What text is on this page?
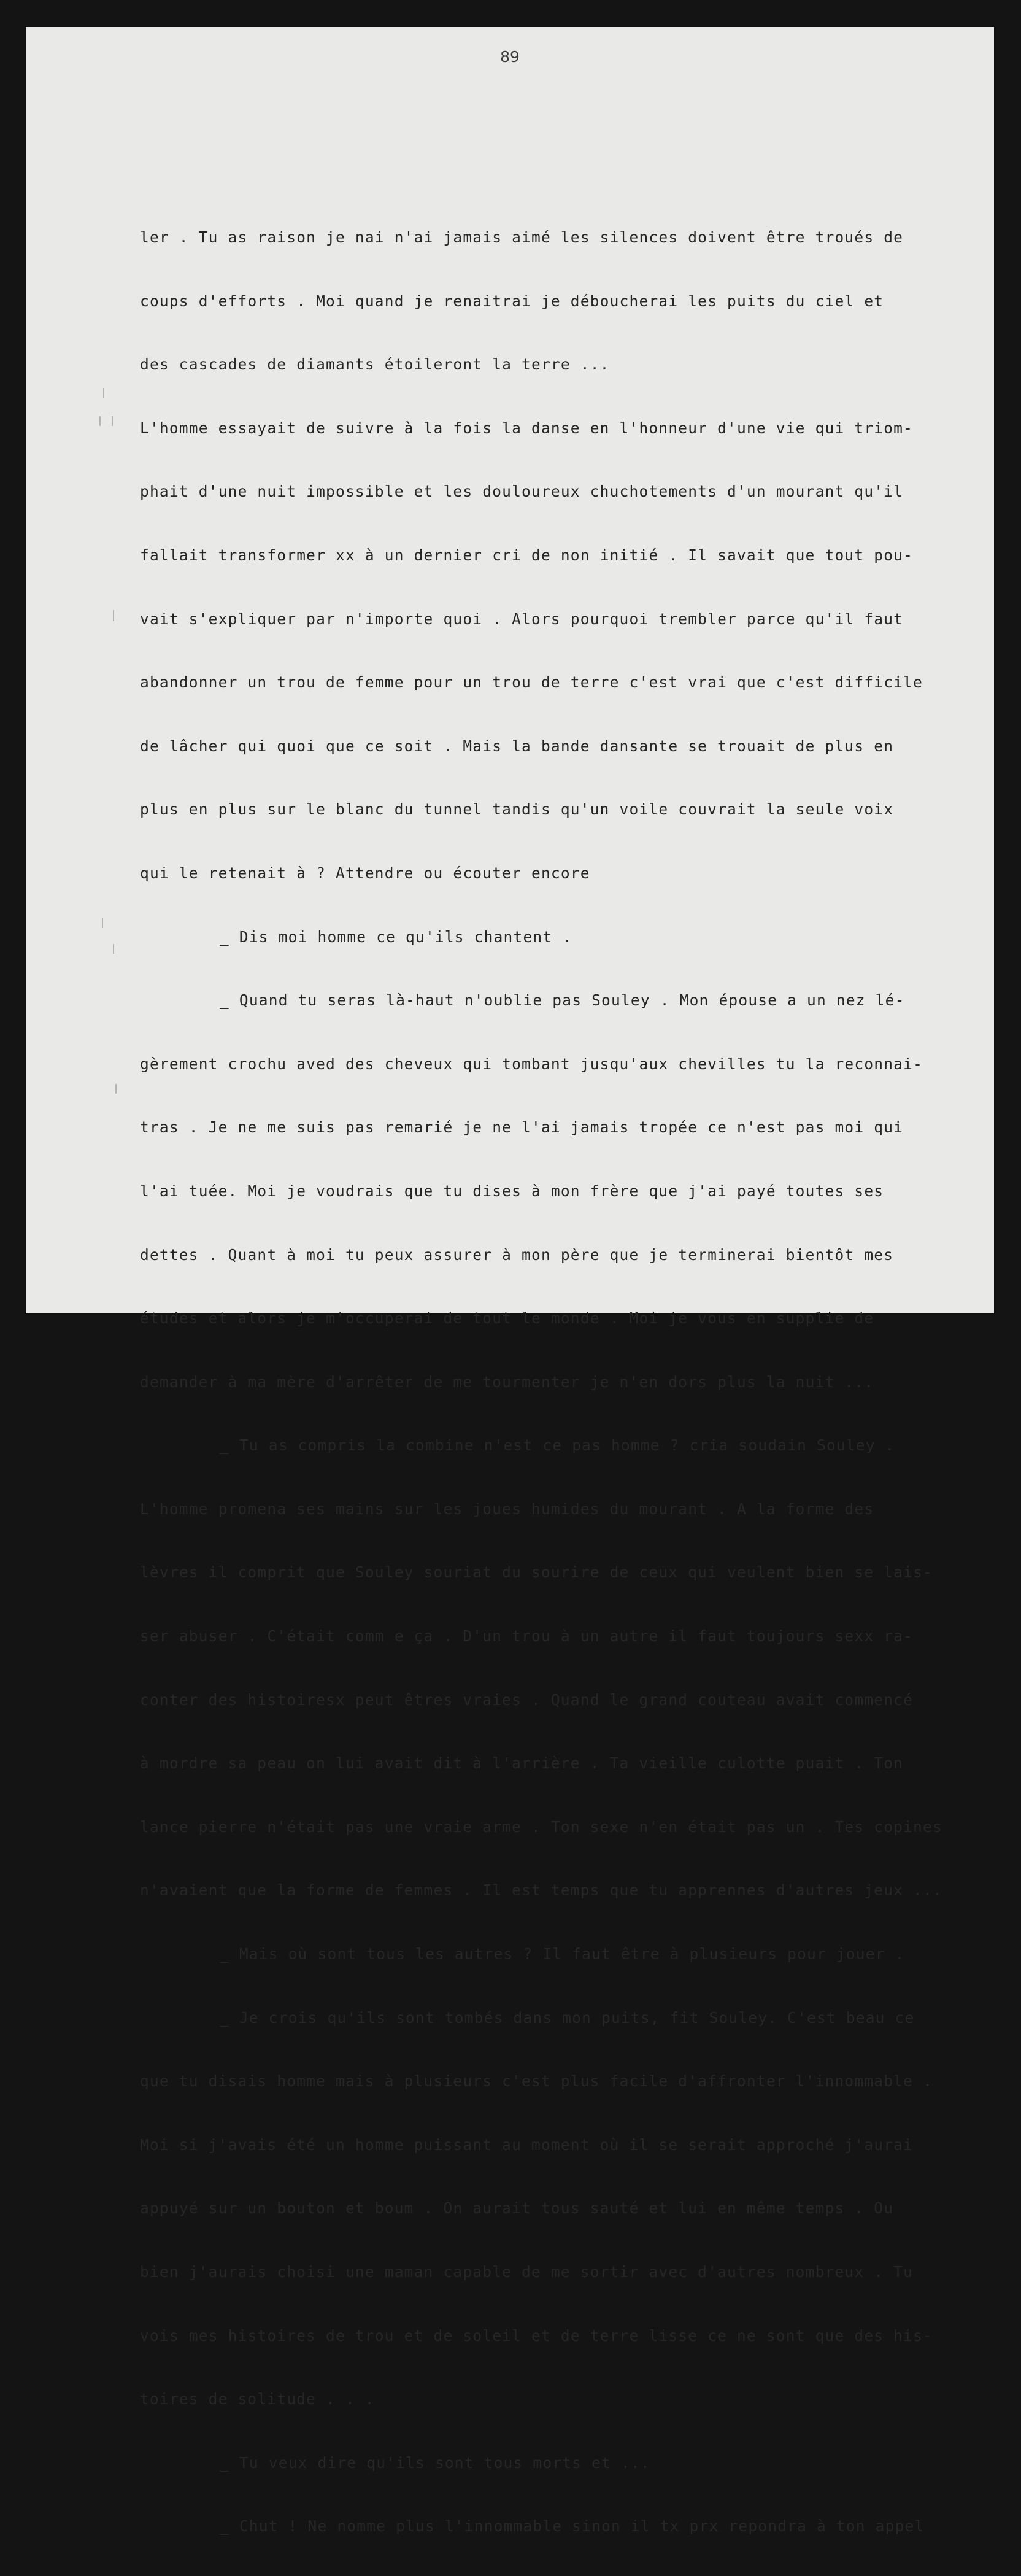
89

ler . Tu as raison je nai n'ai jamais aimé les silences doivent être troués de

coups d'efforts . Moi quand je renaitrai je déboucherai les puits du ciel et

des cascades de diamants étoileront la terre ...

L'homme essayait de suivre à la fois la danse en l'honneur d'une vie qui triom-

phait d'une nuit impossible et les douloureux chuchotements d'un mourant qu'il

fallait transformer xx à un dernier cri de non initié . Il savait que tout pou-

vait s'expliquer par n'importe quoi . Alors pourquoi trembler parce qu'il faut

abandonner un trou de femme pour un trou de terre c'est vrai que c'est difficile

de lâcher qui quoi que ce soit . Mais la bande dansante se trouait de plus en

plus en plus sur le blanc du tunnel tandis qu'un voile couvrait la seule voix

qui le retenait à ? Attendre ou écouter encore

_ Dis moi homme ce qu'ils chantent .

_ Quand tu seras là-haut n'oublie pas Souley . Mon épouse a un nez lé-

gèrement crochu aved des cheveux qui tombant jusqu'aux chevilles tu la reconnai-

tras . Je ne me suis pas remarié je ne l'ai jamais tropée ce n'est pas moi qui

l'ai tuée. Moi je voudrais que tu dises à mon frère que j'ai payé toutes ses

dettes . Quant à moi tu peux assurer à mon père que je terminerai bientôt mes

études et alors je m'occuperai de tout le monde . Moi je vous en supplie de

demander à ma mère d'arrêter de me tourmenter je n'en dors plus la nuit ...

_ Tu as compris la combine n'est ce pas homme ? cria soudain Souley .

L'homme promena ses mains sur les joues humides du mourant . A la forme des

lèvres il comprit que Souley souriat du sourire de ceux qui veulent bien se lais-

ser abuser . C'était comm e ça . D'un trou à un autre il faut toujours sexx ra-

conter des histoiresx peut êtres vraies . Quand le grand couteau avait commencé

à mordre sa peau on lui avait dit à l'arrière . Ta vieille culotte puait . Ton

lance pierre n'était pas une vraie arme . Ton sexe n'en était pas un . Tes copines

n'avaient que la forme de femmes . Il est temps que tu apprennes d'autres jeux ...

_ Mais où sont tous les autres ? Il faut être à plusieurs pour jouer .

_ Je crois qu'ils sont tombés dans mon puits, fit Souley. C'est beau ce

que tu disais homme mais à plusieurs c'est plus facile d'affronter l'innommable .

Moi si j'avais été un homme puissant au moment où il se serait approché j'aurai

appuyé sur un bouton et boum . On aurait tous sauté et lui en même temps . Ou

bien j'aurais choisi une maman capable de me sortir avec d'autres nombreux . Tu

vois mes histoires de trou et de soleil et de terre lisse ce ne sont que des his-

toires de solitude . . .

_ Tu veux dire qu'ils sont tous morts et ...

_ Chut ! Ne nomme plus l'innommable sinon il tx prx repondra à ton appel
